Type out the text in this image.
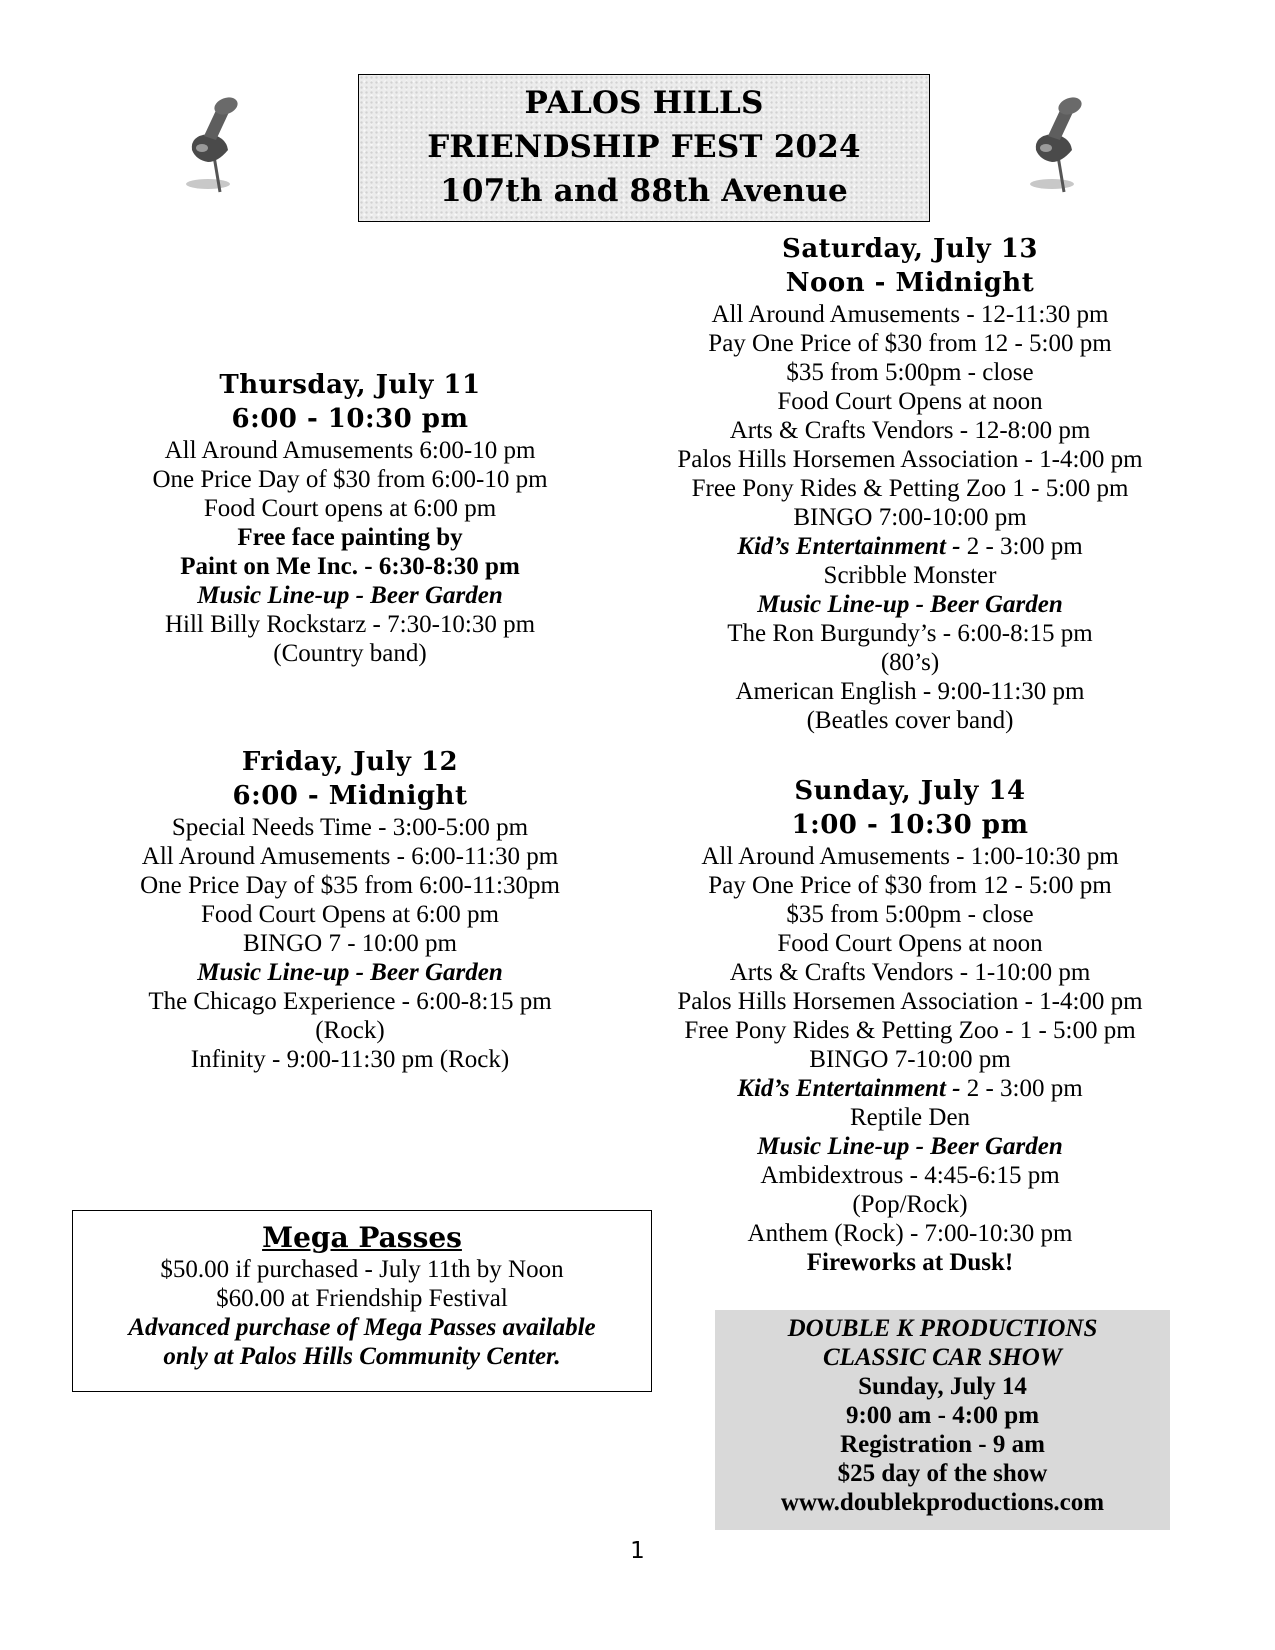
PALOS HILLS
FRIENDSHIP FEST 2024
107th and 88th Avenue
Thursday, July 11
6:00 - 10:30 pm
All Around Amusements 6:00-10 pm
One Price Day of $30 from 6:00-10 pm
Food Court opens at 6:00 pm
Free face painting by
Paint on Me Inc. - 6:30-8:30 pm
Music Line-up - Beer Garden
Hill Billy Rockstarz - 7:30-10:30 pm
(Country band)
Friday, July 12
6:00 - Midnight
Special Needs Time - 3:00-5:00 pm
All Around Amusements - 6:00-11:30 pm
One Price Day of $35 from 6:00-11:30pm
Food Court Opens at 6:00 pm
BINGO 7 - 10:00 pm
Music Line-up - Beer Garden
The Chicago Experience - 6:00-8:15 pm
(Rock)
Infinity - 9:00-11:30 pm (Rock)
Saturday, July 13
Noon - Midnight
All Around Amusements - 12-11:30 pm
Pay One Price of $30 from 12 - 5:00 pm
$35 from 5:00pm - close
Food Court Opens at noon
Arts & Crafts Vendors - 12-8:00 pm
Palos Hills Horsemen Association - 1-4:00 pm
Free Pony Rides & Petting Zoo 1 - 5:00 pm
BINGO 7:00-10:00 pm
Kid’s Entertainment - 2 - 3:00 pm
Scribble Monster
Music Line-up - Beer Garden
The Ron Burgundy’s - 6:00-8:15 pm
(80’s)
American English - 9:00-11:30 pm
(Beatles cover band)
Sunday, July 14
1:00 - 10:30 pm
All Around Amusements - 1:00-10:30 pm
Pay One Price of $30 from 12 - 5:00 pm
$35 from 5:00pm - close
Food Court Opens at noon
Arts & Crafts Vendors - 1-10:00 pm
Palos Hills Horsemen Association - 1-4:00 pm
Free Pony Rides & Petting Zoo - 1 - 5:00 pm
BINGO 7-10:00 pm
Kid’s Entertainment - 2 - 3:00 pm
Reptile Den
Music Line-up - Beer Garden
Ambidextrous - 4:45-6:15 pm
(Pop/Rock)
Anthem (Rock) - 7:00-10:30 pm
Fireworks at Dusk!
Mega Passes
$50.00 if purchased - July 11th by Noon
$60.00 at Friendship Festival
Advanced purchase of Mega Passes available
only at Palos Hills Community Center.
DOUBLE K PRODUCTIONS
CLASSIC CAR SHOW
Sunday, July 14
9:00 am - 4:00 pm
Registration - 9 am
$25 day of the show
www.doublekproductions.com
1
